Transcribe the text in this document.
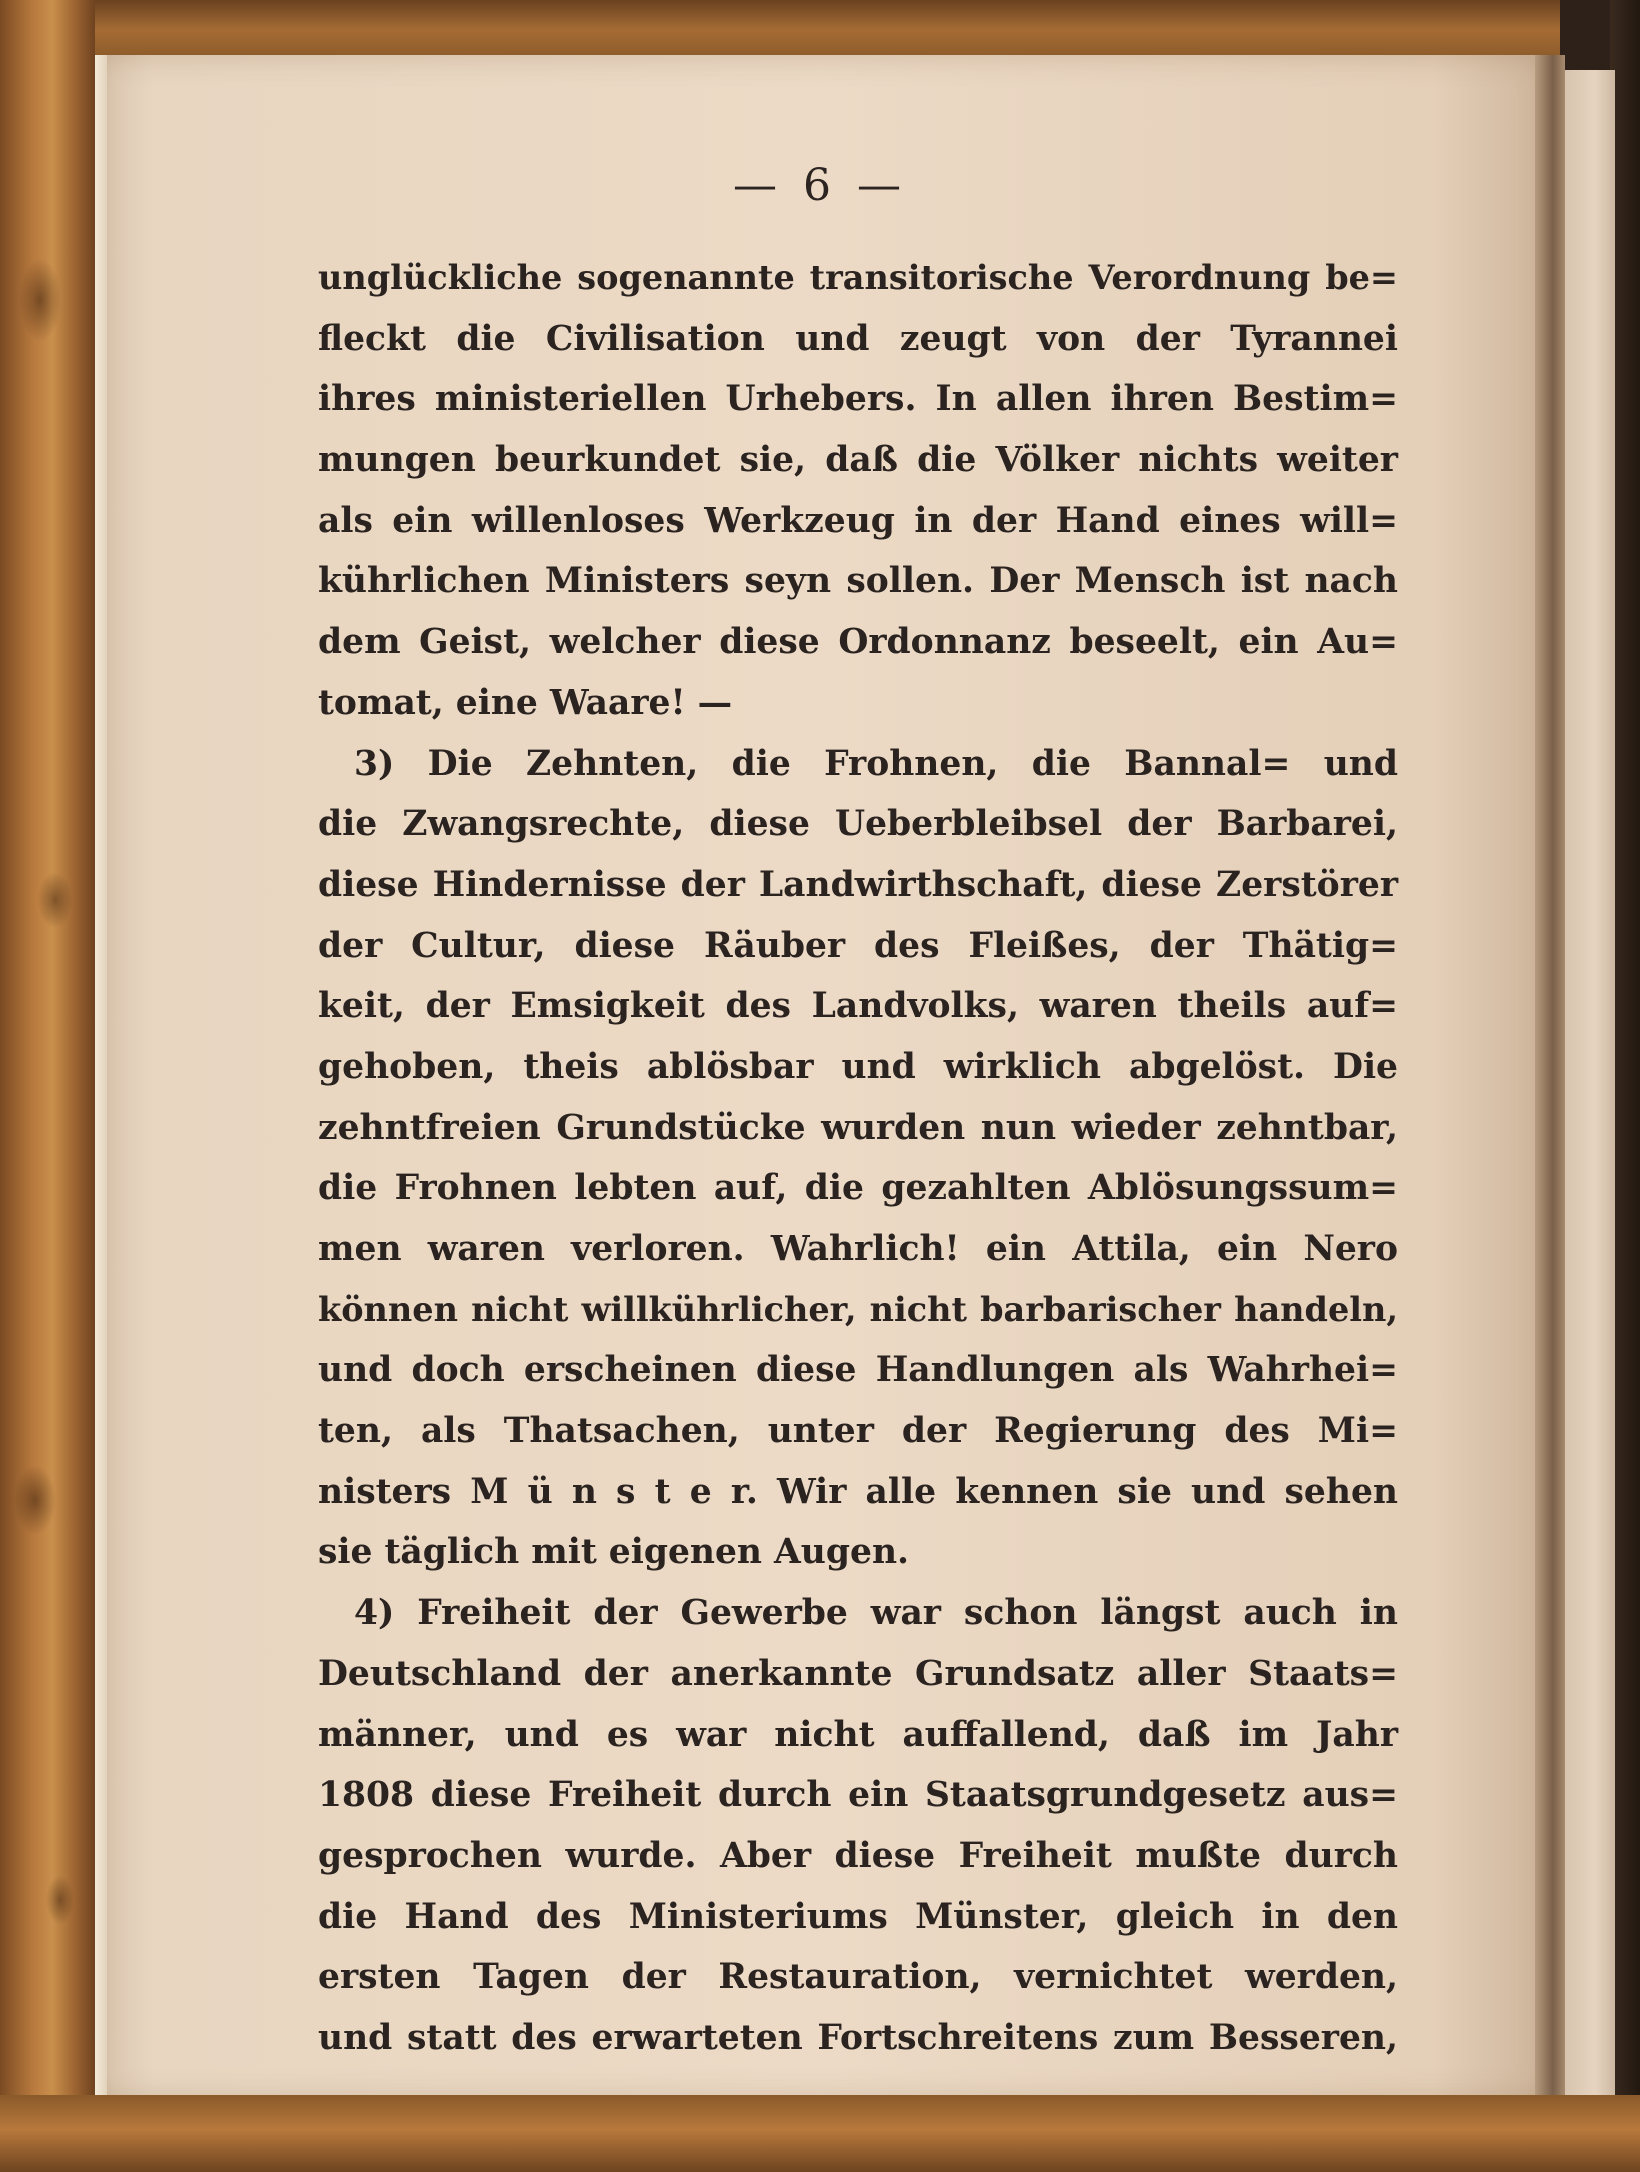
— 6 —
unglückliche sogenannte transitorische Verordnung be=
fleckt die Civilisation und zeugt von der Tyrannei
ihres ministeriellen Urhebers. In allen ihren Bestim=
mungen beurkundet sie, daß die Völker nichts weiter
als ein willenloses Werkzeug in der Hand eines will=
kührlichen Ministers seyn sollen. Der Mensch ist nach
dem Geist, welcher diese Ordonnanz beseelt, ein Au=
tomat, eine Waare! —
3) Die Zehnten, die Frohnen, die Bannal= und
die Zwangsrechte, diese Ueberbleibsel der Barbarei,
diese Hindernisse der Landwirthschaft, diese Zerstörer
der Cultur, diese Räuber des Fleißes, der Thätig=
keit, der Emsigkeit des Landvolks, waren theils auf=
gehoben, theis ablösbar und wirklich abgelöst. Die
zehntfreien Grundstücke wurden nun wieder zehntbar,
die Frohnen lebten auf, die gezahlten Ablösungssum=
men waren verloren. Wahrlich! ein Attila, ein Nero
können nicht willkührlicher, nicht barbarischer handeln,
und doch erscheinen diese Handlungen als Wahrhei=
ten, als Thatsachen, unter der Regierung des Mi=
nisters M ü n s t e r. Wir alle kennen sie und sehen
sie täglich mit eigenen Augen.
4) Freiheit der Gewerbe war schon längst auch in
Deutschland der anerkannte Grundsatz aller Staats=
männer, und es war nicht auffallend, daß im Jahr
1808 diese Freiheit durch ein Staatsgrundgesetz aus=
gesprochen wurde. Aber diese Freiheit mußte durch
die Hand des Ministeriums Münster, gleich in den
ersten Tagen der Restauration, vernichtet werden,
und statt des erwarteten Fortschreitens zum Besseren,
